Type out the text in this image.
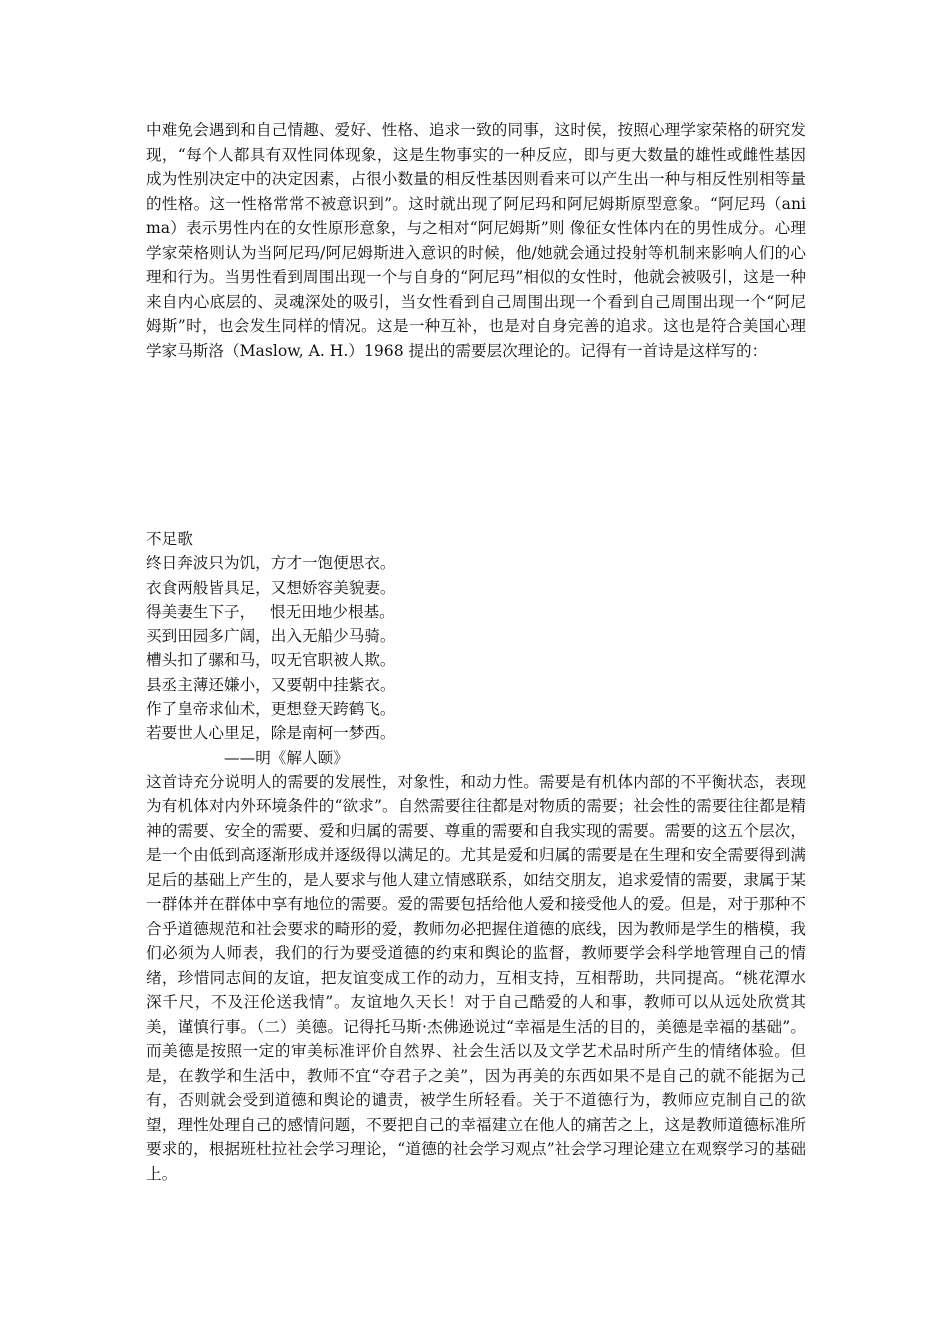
中难免会遇到和自己情趣、爱好、性格、追求一致的同事，这时侯，按照心理学家荣格的研究发现，“每个人都具有双性同体现象，这是生物事实的一种反应，即与更大数量的雄性或雌性基因成为性别决定中的决定因素，占很小数量的相反性基因则看来可以产生出一种与相反性别相等量的性格。这一性格常常不被意识到”。这时就出现了阿尼玛和阿尼姆斯原型意象。“阿尼玛（anima）表示男性内在的女性原形意象，与之相对“阿尼姆斯”则 像征女性体内在的男性成分。心理学家荣格则认为当阿尼玛/阿尼姆斯进入意识的时候，他/她就会通过投射等机制来影响人们的心理和行为。当男性看到周围出现一个与自身的“阿尼玛”相似的女性时，他就会被吸引，这是一种来自内心底层的、灵魂深处的吸引，当女性看到自己周围出现一个看到自己周围出现一个“阿尼姆斯”时，也会发生同样的情况。这是一种互补，也是对自身完善的追求。这也是符合美国心理学家马斯洛（Maslow, A. H.）1968 提出的需要层次理论的。记得有一首诗是这样写的：

不足歌
终日奔波只为饥，方才一饱便思衣。
衣食两般皆具足，又想娇容美貌妻。
得美妻生下子，   恨无田地少根基。
买到田园多广阔，出入无船少马骑。
槽头扣了骡和马，叹无官职被人欺。
县丞主薄还嫌小，又要朝中挂紫衣。
作了皇帝求仙术，更想登天跨鹤飞。
若要世人心里足，除是南柯一梦西。
——明《解人颐》

这首诗充分说明人的需要的发展性，对象性，和动力性。需要是有机体内部的不平衡状态，表现为有机体对内外环境条件的“欲求”。自然需要往往都是对物质的需要；社会性的需要往往都是精神的需要、安全的需要、爱和归属的需要、尊重的需要和自我实现的需要。需要的这五个层次，是一个由低到高逐渐形成并逐级得以满足的。尤其是爱和归属的需要是在生理和安全需要得到满足后的基础上产生的，是人要求与他人建立情感联系，如结交朋友，追求爱情的需要，隶属于某一群体并在群体中享有地位的需要。爱的需要包括给他人爱和接受他人的爱。但是，对于那种不合乎道德规范和社会要求的畸形的爱，教师勿必把握住道德的底线，因为教师是学生的楷模，我们必须为人师表，我们的行为要受道德的约束和舆论的监督，教师要学会科学地管理自己的情绪，珍惜同志间的友谊，把友谊变成工作的动力，互相支持，互相帮助，共同提高。“桃花潭水深千尺，不及汪伦送我情”。友谊地久天长！对于自己酷爱的人和事，教师可以从远处欣赏其美，谨慎行事。（二）美德。记得托马斯·杰佛逊说过“幸福是生活的目的，美德是幸福的基础”。而美德是按照一定的审美标准评价自然界、社会生活以及文学艺术品时所产生的情绪体验。但是，在教学和生活中，教师不宜“夺君子之美”，因为再美的东西如果不是自己的就不能据为己有，否则就会受到道德和舆论的谴责，被学生所轻看。关于不道德行为，教师应克制自己的欲望，理性处理自己的感情问题，不要把自己的幸福建立在他人的痛苦之上，这是教师道德标准所要求的，根据班杜拉社会学习理论，“道德的社会学习观点”社会学习理论建立在观察学习的基础上。
